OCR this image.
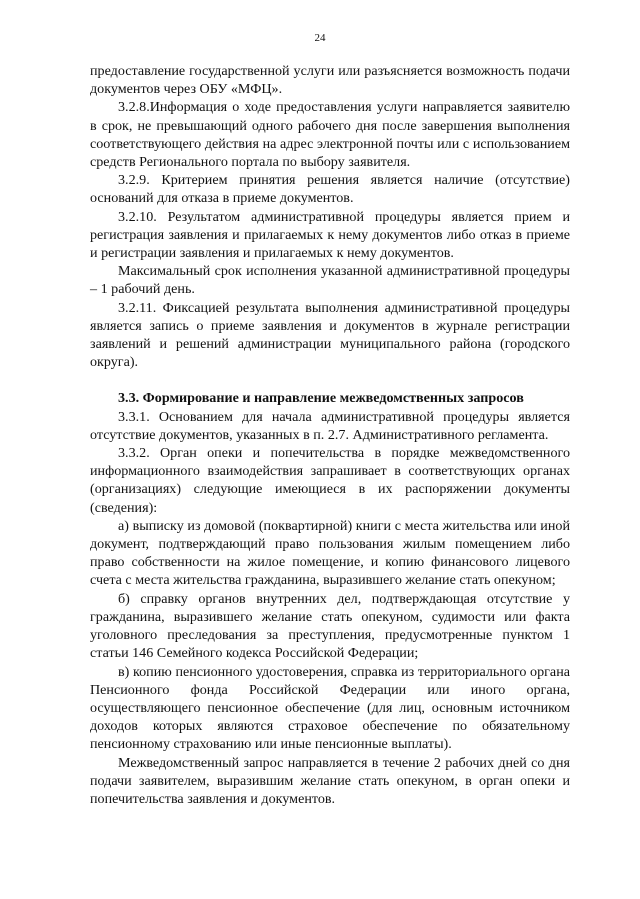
24

предоставление государственной услуги или разъясняется возможность подачи документов через ОБУ «МФЦ».

3.2.8.Информация о ходе предоставления услуги направляется заявителю в срок, не превышающий одного рабочего дня после завершения выполнения соответствующего действия на адрес электронной почты или с использованием средств Регионального портала по выбору заявителя.

3.2.9. Критерием принятия решения является наличие (отсутствие) оснований для отказа в приеме документов.

3.2.10. Результатом административной процедуры является прием и регистрация заявления и прилагаемых к нему документов либо отказ в приеме и регистрации заявления и прилагаемых к нему документов.

Максимальный срок исполнения указанной административной процедуры – 1 рабочий день.

3.2.11. Фиксацией результата выполнения административной процедуры является запись о приеме заявления и документов в журнале регистрации заявлений и решений администрации муниципального района (городского округа).

3.3. Формирование и направление межведомственных запросов

3.3.1. Основанием для начала административной процедуры является отсутствие документов, указанных в п. 2.7. Административного регламента.

3.3.2. Орган опеки и попечительства в порядке межведомственного информационного взаимодействия запрашивает в соответствующих органах (организациях) следующие имеющиеся в их распоряжении документы (сведения):

а) выписку из домовой (поквартирной) книги с места жительства или иной документ, подтверждающий право пользования жилым помещением либо право собственности на жилое помещение, и копию финансового лицевого счета с места жительства гражданина, выразившего желание стать опекуном;

б) справку органов внутренних дел, подтверждающая отсутствие у гражданина, выразившего желание стать опекуном, судимости или факта уголовного преследования за преступления, предусмотренные пунктом 1 статьи 146 Семейного кодекса Российской Федерации;

в) копию пенсионного удостоверения, справка из территориального органа Пенсионного фонда Российской Федерации или иного органа, осуществляющего пенсионное обеспечение (для лиц, основным источником доходов которых являются страховое обеспечение по обязательному пенсионному страхованию или иные пенсионные выплаты).

Межведомственный запрос направляется в течение 2 рабочих дней со дня подачи заявителем, выразившим желание стать опекуном, в орган опеки и попечительства заявления и документов.
